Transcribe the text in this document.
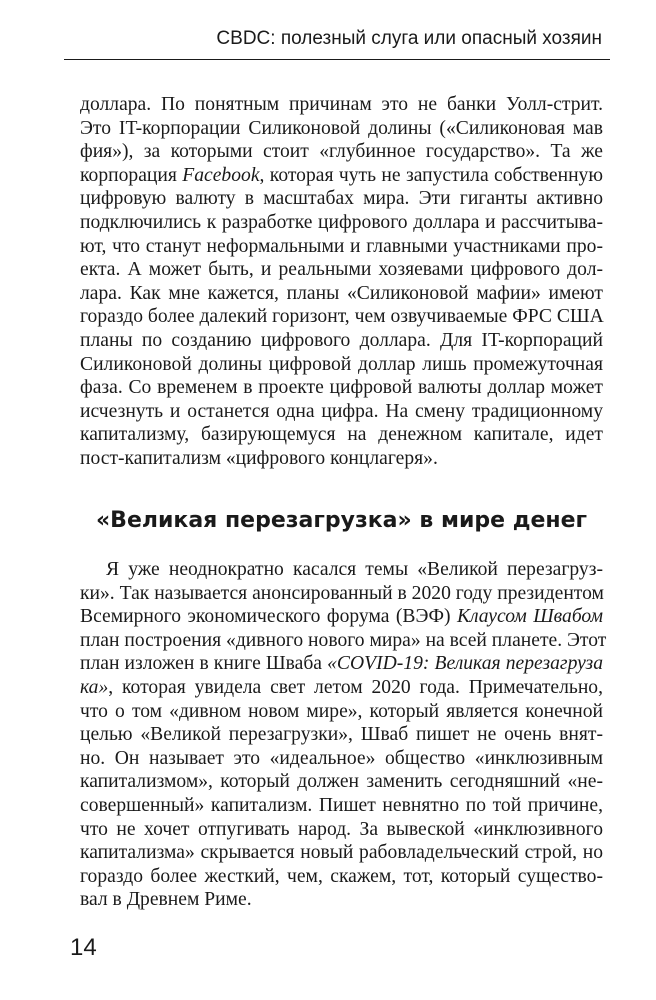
CBDC: полезный слуга или опасный хозяин
доллара. По понятным причинам это не банки Уолл-стрит.
Это IT-корпорации Силиконовой долины («Силиконовая мав
фия»), за которыми стоит «глубинное государство». Та же
корпорация Facebook, которая чуть не запустила собственную
цифровую валюту в масштабах мира. Эти гиганты активно
подключились к разработке цифрового доллара и рассчитыва-
ют, что станут неформальными и главными участниками про-
екта. А может быть, и реальными хозяевами цифрового дол-
лара. Как мне кажется, планы «Силиконовой мафии» имеют
гораздо более далекий горизонт, чем озвучиваемые ФРС США
планы по созданию цифрового доллара. Для IT-корпораций
Силиконовой долины цифровой доллар лишь промежуточная
фаза. Со временем в проекте цифровой валюты доллар может
исчезнуть и останется одна цифра. На смену традиционному
капитализму, базирующемуся на денежном капитале, идет
пост-капитализм «цифрового концлагеря».
«Великая перезагрузка» в мире денег
Я уже неоднократно касался темы «Великой перезагруз-
ки». Так называется анонсированный в 2020 году президентом
Всемирного экономического форума (ВЭФ) Клаусом Швабом
план построения «дивного нового мира» на всей планете. Этот
план изложен в книге Шваба «COVID-19: Великая перезагруза
ка», которая увидела свет летом 2020 года. Примечательно,
что о том «дивном новом мире», который является конечной
целью «Великой перезагрузки», Шваб пишет не очень внят-
но. Он называет это «идеальное» общество «инклюзивным
капитализмом», который должен заменить сегодняшний «не-
совершенный» капитализм. Пишет невнятно по той причине,
что не хочет отпугивать народ. За вывеской «инклюзивного
капитализма» скрывается новый рабовладельческий строй, но
гораздо более жесткий, чем, скажем, тот, который существо-
вал в Древнем Риме.
14
